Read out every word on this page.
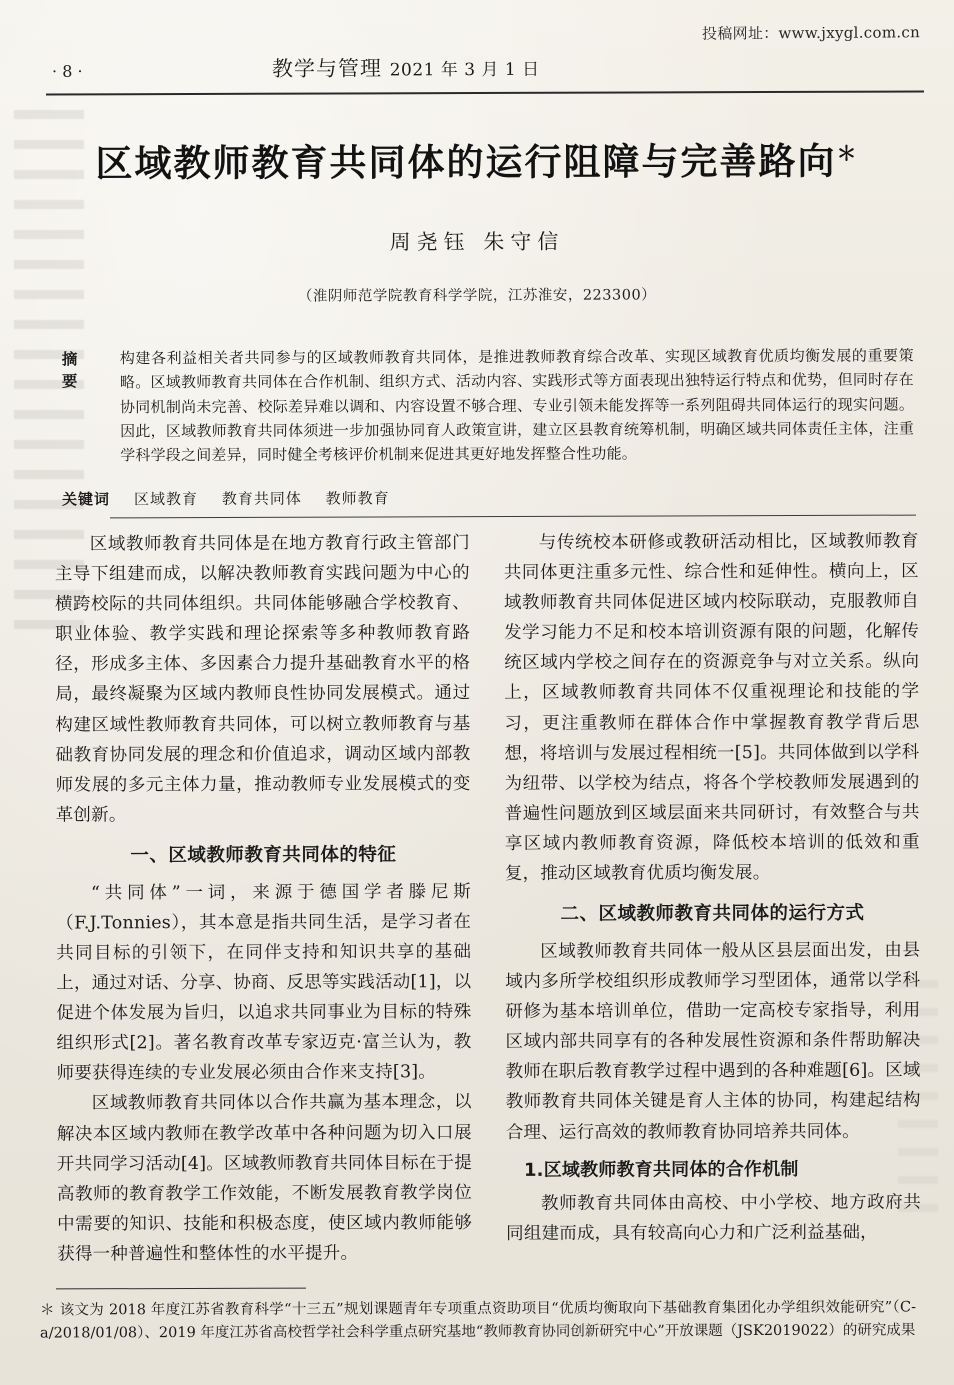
投稿网址：www.jxygl.com.cn
· 8 ·	教学与管理 2021 年 3 月 1 日
区域教师教育共同体的运行阻障与完善路向＊
周尧钰 朱守信
（淮阴师范学院教育科学学院，江苏淮安，223300）
摘　要
构建各利益相关者共同参与的区域教师教育共同体，是推进教师教育综合改革、实现区域教育优质均衡发展的重要策略。区域教师教育共同体在合作机制、组织方式、活动内容、实践形式等方面表现出独特运行特点和优势，但同时存在协同机制尚未完善、校际差异难以调和、内容设置不够合理、专业引领未能发挥等一系列阻碍共同体运行的现实问题。因此，区域教师教育共同体须进一步加强协同育人政策宣讲，建立区县教育统筹机制，明确区域共同体责任主体，注重学科学段之间差异，同时健全考核评价机制来促进其更好地发挥整合性功能。
关键词	区域教育 教育共同体 教师教育

区域教师教育共同体是在地方教育行政主管部门主导下组建而成，以解决教师教育实践问题为中心的横跨校际的共同体组织。共同体能够融合学校教育、职业体验、教学实践和理论探索等多种教师教育路径，形成多主体、多因素合力提升基础教育水平的格局，最终凝聚为区域内教师良性协同发展模式。通过构建区域性教师教育共同体，可以树立教师教育与基础教育协同发展的理念和价值追求，调动区域内部教师发展的多元主体力量，推动教师专业发展模式的变革创新。

一、区域教师教育共同体的特征

“共同体”一词，来源于德国学者滕尼斯（F.J.Tonnies），其本意是指共同生活，是学习者在共同目标的引领下，在同伴支持和知识共享的基础上，通过对话、分享、协商、反思等实践活动[1]，以促进个体发展为旨归，以追求共同事业为目标的特殊组织形式[2]。著名教育改革专家迈克·富兰认为，教师要获得连续的专业发展必须由合作来支持[3]。

区域教师教育共同体以合作共赢为基本理念，以解决本区域内教师在教学改革中各种问题为切入口展开共同学习活动[4]。区域教师教育共同体目标在于提高教师的教育教学工作效能，不断发展教育教学岗位中需要的知识、技能和积极态度，使区域内教师能够获得一种普遍性和整体性的水平提升。

与传统校本研修或教研活动相比，区域教师教育共同体更注重多元性、综合性和延伸性。横向上，区域教师教育共同体促进区域内校际联动，克服教师自发学习能力不足和校本培训资源有限的问题，化解传统区域内学校之间存在的资源竞争与对立关系。纵向上，区域教师教育共同体不仅重视理论和技能的学习，更注重教师在群体合作中掌握教育教学背后思想，将培训与发展过程相统一[5]。共同体做到以学科为纽带、以学校为结点，将各个学校教师发展遇到的普遍性问题放到区域层面来共同研讨，有效整合与共享区域内教师教育资源，降低校本培训的低效和重复，推动区域教育优质均衡发展。

二、区域教师教育共同体的运行方式

区域教师教育共同体一般从区县层面出发，由县域内多所学校组织形成教师学习型团体，通常以学科研修为基本培训单位，借助一定高校专家指导，利用区域内部共同享有的各种发展性资源和条件帮助解决教师在职后教育教学过程中遇到的各种难题[6]。区域教师教育共同体关键是育人主体的协同，构建起结构合理、运行高效的教师教育协同培养共同体。

1.区域教师教育共同体的合作机制

教师教育共同体由高校、中小学校、地方政府共同组建而成，具有较高向心力和广泛利益基础，

＊ 该文为 2018 年度江苏省教育科学“十三五”规划课题青年专项重点资助项目“优质均衡取向下基础教育集团化办学组织效能研究”（C-a/2018/01/08）、2019 年度江苏省高校哲学社会科学重点研究基地“教师教育协同创新研究中心”开放课题（JSK2019022）的研究成果
